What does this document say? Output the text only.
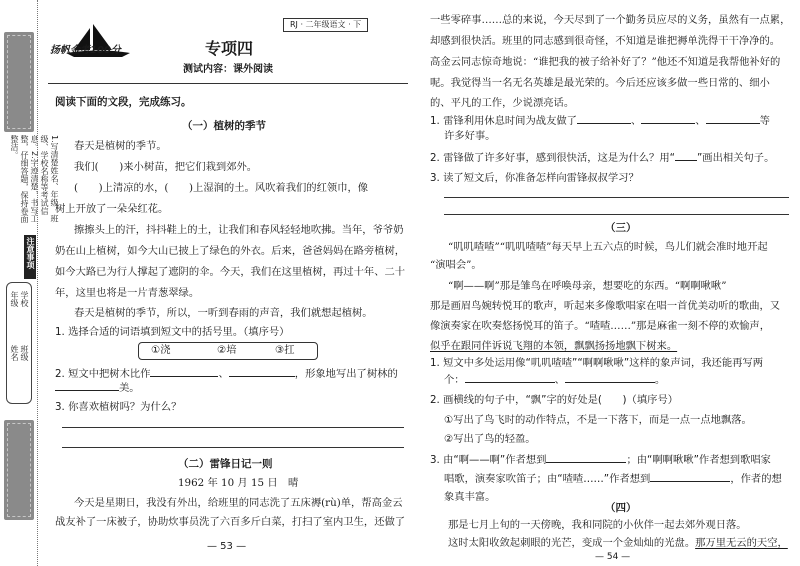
1.写清楚姓名、年级、班级、学校名称等考试信息。2.字迹清楚，书写工整，仔细答题，保持卷面整洁。
注意事项
年级
姓名
学校
班级
扬帆金考100分
RJ · 二年级语文 · 下
专项四
测试内容：课外阅读
阅读下面的文段，完成练习。
（一）植树的季节
春天是植树的季节。
我们(　　)来小树苗，把它们栽到郊外。
(　　)上清凉的水，(　　)上湿润的土。风吹着我们的红领巾，像
树上开放了一朵朵红花。
擦擦头上的汗，抖抖鞋上的土，让我们和春风轻轻地吹拂。当年，爷爷奶
奶在山上植树，如今大山已披上了绿色的外衣。后来，爸爸妈妈在路旁植树，
如今大路已为行人撑起了遮阴的伞。今天，我们在这里植树，再过十年、二十
年，这里也将是一片青葱翠绿。
春天是植树的季节，所以，一听到春雨的声音，我们就想起植树。
1. 选择合适的词语填到短文中的括号里。（填序号）
①浇	②培	③扛
2. 短文中把树木比作	、	，形象地写出了树林的
美。
3. 你喜欢植树吗？为什么？
（二）雷锋日记一则
1962 年 10 月 15 日　晴
今天是星期日，我没有外出，给班里的同志洗了五床褥(rù)单，帮高金云
战友补了一床被子，协助炊事员洗了六百多斤白菜，打扫了室内卫生，还做了
— 53 —
一些零碎事……总的来说，今天尽到了一个勤务员应尽的义务，虽然有一点累，
却感到很快活。班里的同志感到很奇怪，不知道是谁把褥单洗得干干净净的。
高金云同志惊奇地说：“谁把我的被子给补好了？”他还不知道是我帮他补好的
呢。我觉得当一名无名英雄是最光荣的。今后还应该多做一些日常的、细小
的、平凡的工作，少说漂亮话。
1. 雷锋利用休息时间为战友做了	、	、	等
许多好事。
2. 雷锋做了许多好事，感到很快活，这是为什么？用“ ”画出相关句子。
3. 读了短文后，你准备怎样向雷锋叔叔学习？
（三）
“叽叽喳喳”“叽叽喳喳”每天早上五六点的时候，鸟儿们就会准时地开起
“演唱会”。
“啊——啊”那是雏鸟在呼唤母亲，想要吃的东西。“啊啊啾啾”
那是画眉鸟婉转悦耳的歌声，听起来多像歌唱家在唱一首优美动听的歌曲，又
像演奏家在吹奏悠扬悦耳的笛子。“喳喳……”那是麻雀一刻不停的欢愉声，
似乎在跟同伴诉说飞翔的本领，飘飘扬扬地飘下树来。
1. 短文中多处运用像“叽叽喳喳”“啊啊啾啾”这样的象声词，我还能再写两
个：	、	。
2. 画横线的句子中，“飘”字的好处是(　　)（填序号）
①写出了鸟飞时的动作特点，不是一下落下，而是一点一点地飘落。
②写出了鸟的轻盈。
3. 由“啊——啊”作者想到	；由“啊啊啾啾”作者想到歌唱家
唱歌，演奏家吹笛子；由“喳喳……”作者想到	，作者的想
象真丰富。
（四）
那是七月上旬的一天傍晚，我和同院的小伙伴一起去郊外观日落。
这时太阳收敛起刺眼的光芒，变成一个金灿灿的光盘。那万里无云的天空，
— 54 —
